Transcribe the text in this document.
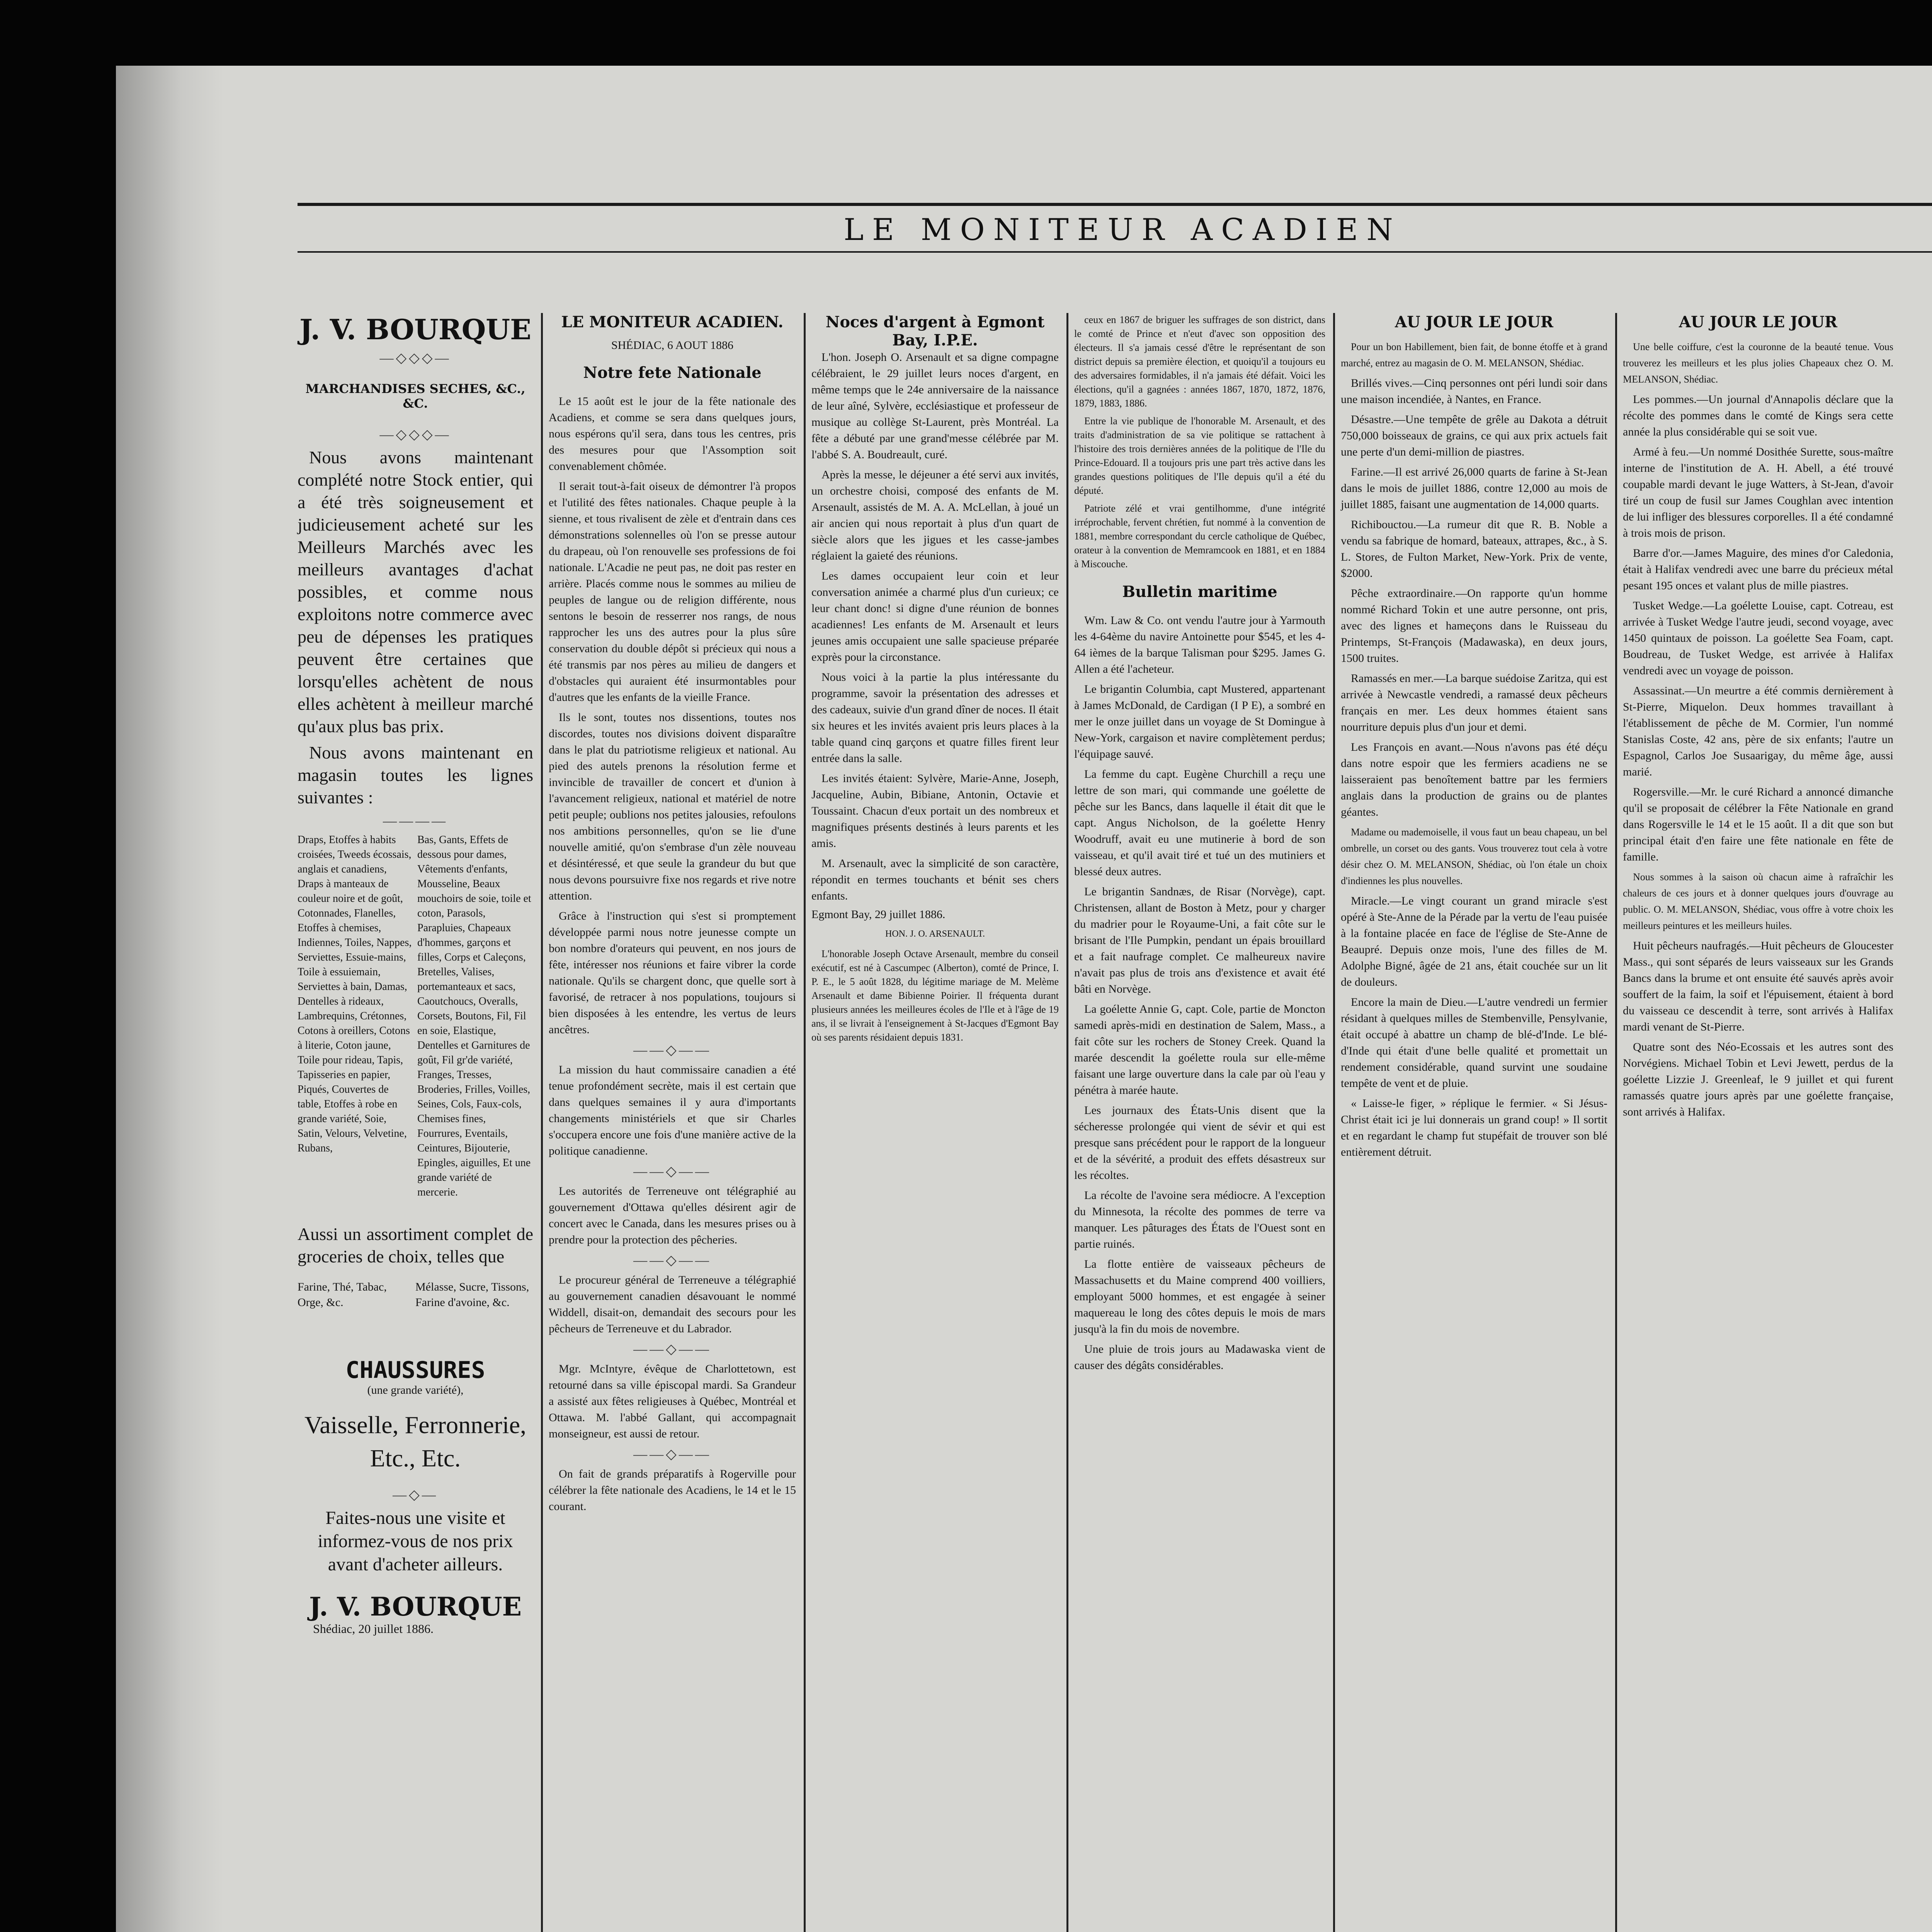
LE MONITEUR ACADIEN
J. V. BOURQUE
—◇◇◇—
MARCHANDISES SECHES, &C., &C.
—◇◇◇—

Nous avons maintenant complété notre Stock entier, qui a été très soigneusement et judicieusement acheté sur les Meilleurs Marchés avec les meilleurs avantages d'achat possibles, et comme nous exploitons notre commerce avec peu de dépenses les pratiques peuvent être certaines que lorsqu'elles achètent de nous elles achètent à meilleur marché qu'aux plus bas prix.

Nous avons maintenant en magasin toutes les lignes suivantes :

————
Draps, Etoffes à habits croisées, Tweeds écossais, anglais et canadiens, Draps à manteaux de couleur noire et de goût, Cotonnades, Flanelles, Etoffes à chemises, Indiennes, Toiles, Nappes, Serviettes, Essuie-mains, Toile à essuiemain, Serviettes à bain, Damas, Dentelles à rideaux, Lambrequins, Crétonnes, Cotons à oreillers, Cotons à literie, Coton jaune, Toile pour rideau, Tapis, Tapisseries en papier, Piqués, Couvertes de table, Etoffes à robe en grande variété, Soie, Satin, Velours, Velvetine, Rubans,
Bas, Gants, Effets de dessous pour dames, Vêtements d'enfants, Mousseline, Beaux mouchoirs de soie, toile et coton, Parasols, Parapluies, Chapeaux d'hommes, garçons et filles, Corps et Caleçons, Bretelles, Valises, portemanteaux et sacs, Caoutchoucs, Overalls, Corsets, Boutons, Fil, Fil en soie, Elastique, Dentelles et Garnitures de goût, Fil gr'de variété, Franges, Tresses, Broderies, Frilles, Voilles, Seines, Cols, Faux-cols, Chemises fines, Fourrures, Eventails, Ceintures, Bijouterie, Epingles, aiguilles, Et une grande variété de mercerie.

Aussi un assortiment complet de groceries de choix, telles que

Farine, Thé, Tabac, Orge, &c.
Mélasse, Sucre, Tissons, Farine d'avoine, &c.
CHAUSSURES
(une grande variété),
Vaisselle, Ferronnerie, Etc., Etc.
—◇—

Faites-nous une visite et informez-vous de nos prix avant d'acheter ailleurs.

J. V. BOURQUE
Shédiac, 20 juillet 1886.
LE MONITEUR ACADIEN.
SHÉDIAC, 6 AOUT 1886
Notre fete Nationale

Le 15 août est le jour de la fête nationale des Acadiens, et comme se sera dans quelques jours, nous espérons qu'il sera, dans tous les centres, pris des mesures pour que l'Assomption soit convenablement chômée.

Il serait tout-à-fait oiseux de démontrer l'à propos et l'utilité des fêtes nationales. Chaque peuple à la sienne, et tous rivalisent de zèle et d'entrain dans ces démonstrations solennelles où l'on se presse autour du drapeau, où l'on renouvelle ses professions de foi nationale. L'Acadie ne peut pas, ne doit pas rester en arrière. Placés comme nous le sommes au milieu de peuples de langue ou de religion différente, nous sentons le besoin de resserrer nos rangs, de nous rapprocher les uns des autres pour la plus sûre conservation du double dépôt si précieux qui nous a été transmis par nos pères au milieu de dangers et d'obstacles qui auraient été insurmontables pour d'autres que les enfants de la vieille France.

Ils le sont, toutes nos dissentions, toutes nos discordes, toutes nos divisions doivent disparaître dans le plat du patriotisme religieux et national. Au pied des autels prenons la résolution ferme et invincible de travailler de concert et d'union à l'avancement religieux, national et matériel de notre petit peuple; oublions nos petites jalousies, refoulons nos ambitions personnelles, qu'on se lie d'une nouvelle amitié, qu'on s'embrase d'un zèle nouveau et désintéressé, et que seule la grandeur du but que nous devons poursuivre fixe nos regards et rive notre attention.

Grâce à l'instruction qui s'est si promptement développée parmi nous notre jeunesse compte un bon nombre d'orateurs qui peuvent, en nos jours de fête, intéresser nos réunions et faire vibrer la corde nationale. Qu'ils se chargent donc, que quelle sort à favorisé, de retracer à nos populations, toujours si bien disposées à les entendre, les vertus de leurs ancêtres.

——◇——

La mission du haut commissaire canadien a été tenue profondément secrète, mais il est certain que dans quelques semaines il y aura d'importants changements ministériels et que sir Charles s'occupera encore une fois d'une manière active de la politique canadienne.

——◇——

Les autorités de Terreneuve ont télégraphié au gouvernement d'Ottawa qu'elles désirent agir de concert avec le Canada, dans les mesures prises ou à prendre pour la protection des pêcheries.

——◇——

Le procureur général de Terreneuve a télégraphié au gouvernement canadien désavouant le nommé Widdell, disait-on, demandait des secours pour les pêcheurs de Terreneuve et du Labrador.

——◇——

Mgr. McIntyre, évêque de Charlottetown, est retourné dans sa ville épiscopal mardi. Sa Grandeur a assisté aux fêtes religieuses à Québec, Montréal et Ottawa. M. l'abbé Gallant, qui accompagnait monseigneur, est aussi de retour.

——◇——

On fait de grands préparatifs à Rogerville pour célébrer la fête nationale des Acadiens, le 14 et le 15 courant.

Noces d'argent à Egmont Bay, I.P.E.

L'hon. Joseph O. Arsenault et sa digne compagne célébraient, le 29 juillet leurs noces d'argent, en même temps que le 24e anniversaire de la naissance de leur aîné, Sylvère, ecclésiastique et professeur de musique au collège St-Laurent, près Montréal. La fête a débuté par une grand'messe célébrée par M. l'abbé S. A. Boudreault, curé.

Après la messe, le déjeuner a été servi aux invités, un orchestre choisi, composé des enfants de M. Arsenault, assistés de M. A. A. McLellan, à joué un air ancien qui nous reportait à plus d'un quart de siècle alors que les jigues et les casse-jambes réglaient la gaieté des réunions.

Les dames occupaient leur coin et leur conversation animée a charmé plus d'un curieux; ce leur chant donc! si digne d'une réunion de bonnes acadiennes! Les enfants de M. Arsenault et leurs jeunes amis occupaient une salle spacieuse préparée exprès pour la circonstance.

Nous voici à la partie la plus intéressante du programme, savoir la présentation des adresses et des cadeaux, suivie d'un grand dîner de noces. Il était six heures et les invités avaient pris leurs places à la table quand cinq garçons et quatre filles firent leur entrée dans la salle.

Les invités étaient: Sylvère, Marie-Anne, Joseph, Jacqueline, Aubin, Bibiane, Antonin, Octavie et Toussaint. Chacun d'eux portait un des nombreux et magnifiques présents destinés à leurs parents et les amis.

M. Arsenault, avec la simplicité de son caractère, répondit en termes touchants et bénit ses chers enfants.

Egmont Bay, 29 juillet 1886.
HON. J. O. ARSENAULT.

L'honorable Joseph Octave Arsenault, membre du conseil exécutif, est né à Cascumpec (Alberton), comté de Prince, I. P. E., le 5 août 1828, du légitime mariage de M. Melème Arsenault et dame Bibienne Poirier. Il fréquenta durant plusieurs années les meilleures écoles de l'Ile et à l'âge de 19 ans, il se livrait à l'enseignement à St-Jacques d'Egmont Bay où ses parents résidaient depuis 1831.

ceux en 1867 de briguer les suffrages de son district, dans le comté de Prince et n'eut d'avec son opposition des électeurs. Il s'a jamais cessé d'être le représentant de son district depuis sa première élection, et quoiqu'il a toujours eu des adversaires formidables, il n'a jamais été défait. Voici les élections, qu'il a gagnées : années 1867, 1870, 1872, 1876, 1879, 1883, 1886.

Entre la vie publique de l'honorable M. Arsenault, et des traits d'administration de sa vie politique se rattachent à l'histoire des trois dernières années de la politique de l'Ile du Prince-Edouard. Il a toujours pris une part très active dans les grandes questions politiques de l'Ile depuis qu'il a été du député.

Patriote zélé et vrai gentilhomme, d'une intégrité irréprochable, fervent chrétien, fut nommé à la convention de 1881, membre correspondant du cercle catholique de Québec, orateur à la convention de Memramcook en 1881, et en 1884 à Miscouche.

Bulletin maritime

Wm. Law & Co. ont vendu l'autre jour à Yarmouth les 4-64ème du navire Antoinette pour $545, et les 4-64 ièmes de la barque Talisman pour $295. James G. Allen a été l'acheteur.

Le brigantin Columbia, capt Mustered, appartenant à James McDonald, de Cardigan (I P E), a sombré en mer le onze juillet dans un voyage de St Domingue à New-York, cargaison et navire complètement perdus; l'équipage sauvé.

La femme du capt. Eugène Churchill a reçu une lettre de son mari, qui commande une goélette de pêche sur les Bancs, dans laquelle il était dit que le capt. Angus Nicholson, de la goélette Henry Woodruff, avait eu une mutinerie à bord de son vaisseau, et qu'il avait tiré et tué un des mutiniers et blessé deux autres.

Le brigantin Sandnæs, de Risar (Norvège), capt. Christensen, allant de Boston à Metz, pour y charger du madrier pour le Royaume-Uni, a fait côte sur le brisant de l'Ile Pumpkin, pendant un épais brouillard et a fait naufrage complet. Ce malheureux navire n'avait pas plus de trois ans d'existence et avait été bâti en Norvège.

La goélette Annie G, capt. Cole, partie de Moncton samedi après-midi en destination de Salem, Mass., a fait côte sur les rochers de Stoney Creek. Quand la marée descendit la goélette roula sur elle-même faisant une large ouverture dans la cale par où l'eau y pénétra à marée haute.

Les journaux des États-Unis disent que la sécheresse prolongée qui vient de sévir et qui est presque sans précédent pour le rapport de la longueur et de la sévérité, a produit des effets désastreux sur les récoltes.

La récolte de l'avoine sera médiocre. A l'exception du Minnesota, la récolte des pommes de terre va manquer. Les pâturages des États de l'Ouest sont en partie ruinés.

La flotte entière de vaisseaux pêcheurs de Massachusetts et du Maine comprend 400 voilliers, employant 5000 hommes, et est engagée à seiner maquereau le long des côtes depuis le mois de mars jusqu'à la fin du mois de novembre.

Une pluie de trois jours au Madawaska vient de causer des dégâts considérables.

AU JOUR LE JOUR

Pour un bon Habillement, bien fait, de bonne étoffe et à grand marché, entrez au magasin de O. M. MELANSON, Shédiac.

Brillés vives.—Cinq personnes ont péri lundi soir dans une maison incendiée, à Nantes, en France.

Désastre.—Une tempête de grêle au Dakota a détruit 750,000 boisseaux de grains, ce qui aux prix actuels fait une perte d'un demi-million de piastres.

Farine.—Il est arrivé 26,000 quarts de farine à St-Jean dans le mois de juillet 1886, contre 12,000 au mois de juillet 1885, faisant une augmentation de 14,000 quarts.

Richibouctou.—La rumeur dit que R. B. Noble a vendu sa fabrique de homard, bateaux, attrapes, &c., à S. L. Stores, de Fulton Market, New-York. Prix de vente, $2000.

Pêche extraordinaire.—On rapporte qu'un homme nommé Richard Tokin et une autre personne, ont pris, avec des lignes et hameçons dans le Ruisseau du Printemps, St-François (Madawaska), en deux jours, 1500 truites.

Ramassés en mer.—La barque suédoise Zaritza, qui est arrivée à Newcastle vendredi, a ramassé deux pêcheurs français en mer. Les deux hommes étaient sans nourriture depuis plus d'un jour et demi.

Les François en avant.—Nous n'avons pas été déçu dans notre espoir que les fermiers acadiens ne se laisseraient pas benoîtement battre par les fermiers anglais dans la production de grains ou de plantes géantes.

Madame ou mademoiselle, il vous faut un beau chapeau, un bel ombrelle, un corset ou des gants. Vous trouverez tout cela à votre désir chez O. M. MELANSON, Shédiac, où l'on étale un choix d'indiennes les plus nouvelles.

Miracle.—Le vingt courant un grand miracle s'est opéré à Ste-Anne de la Pérade par la vertu de l'eau puisée à la fontaine placée en face de l'église de Ste-Anne de Beaupré. Depuis onze mois, l'une des filles de M. Adolphe Bigné, âgée de 21 ans, était couchée sur un lit de douleurs.

Encore la main de Dieu.—L'autre vendredi un fermier résidant à quelques milles de Stembenville, Pensylvanie, était occupé à abattre un champ de blé-d'Inde. Le blé-d'Inde qui était d'une belle qualité et promettait un rendement considérable, quand survint une soudaine tempête de vent et de pluie.

« Laisse-le figer, » réplique le fermier. « Si Jésus-Christ était ici je lui donnerais un grand coup! » Il sortit et en regardant le champ fut stupéfait de trouver son blé entièrement détruit.

AU JOUR LE JOUR

Une belle coiffure, c'est la couronne de la beauté tenue. Vous trouverez les meilleurs et les plus jolies Chapeaux chez O. M. MELANSON, Shédiac.

Les pommes.—Un journal d'Annapolis déclare que la récolte des pommes dans le comté de Kings sera cette année la plus considérable qui se soit vue.

Armé à feu.—Un nommé Dosithée Surette, sous-maître interne de l'institution de A. H. Abell, a été trouvé coupable mardi devant le juge Watters, à St-Jean, d'avoir tiré un coup de fusil sur James Coughlan avec intention de lui infliger des blessures corporelles. Il a été condamné à trois mois de prison.

Barre d'or.—James Maguire, des mines d'or Caledonia, était à Halifax vendredi avec une barre du précieux métal pesant 195 onces et valant plus de mille piastres.

Tusket Wedge.—La goélette Louise, capt. Cotreau, est arrivée à Tusket Wedge l'autre jeudi, second voyage, avec 1450 quintaux de poisson. La goélette Sea Foam, capt. Boudreau, de Tusket Wedge, est arrivée à Halifax vendredi avec un voyage de poisson.

Assassinat.—Un meurtre a été commis dernièrement à St-Pierre, Miquelon. Deux hommes travaillant à l'établissement de pêche de M. Cormier, l'un nommé Stanislas Coste, 42 ans, père de six enfants; l'autre un Espagnol, Carlos Joe Susaarigay, du même âge, aussi marié.

Rogersville.—Mr. le curé Richard a annoncé dimanche qu'il se proposait de célébrer la Fête Nationale en grand dans Rogersville le 14 et le 15 août. Il a dit que son but principal était d'en faire une fête nationale en fête de famille.

Nous sommes à la saison où chacun aime à rafraîchir les chaleurs de ces jours et à donner quelques jours d'ouvrage au public. O. M. MELANSON, Shédiac, vous offre à votre choix les meilleurs peintures et les meilleurs huiles.

Huit pêcheurs naufragés.—Huit pêcheurs de Gloucester Mass., qui sont séparés de leurs vaisseaux sur les Grands Bancs dans la brume et ont ensuite été sauvés après avoir souffert de la faim, la soif et l'épuisement, étaient à bord du vaisseau ce descendit à terre, sont arrivés à Halifax mardi venant de St-Pierre.

Quatre sont des Néo-Ecossais et les autres sont des Norvégiens. Michael Tobin et Levi Jewett, perdus de la goélette Lizzie J. Greenleaf, le 9 juillet et qui furent ramassés quatre jours après par une goélette française, sont arrivés à Halifax.
